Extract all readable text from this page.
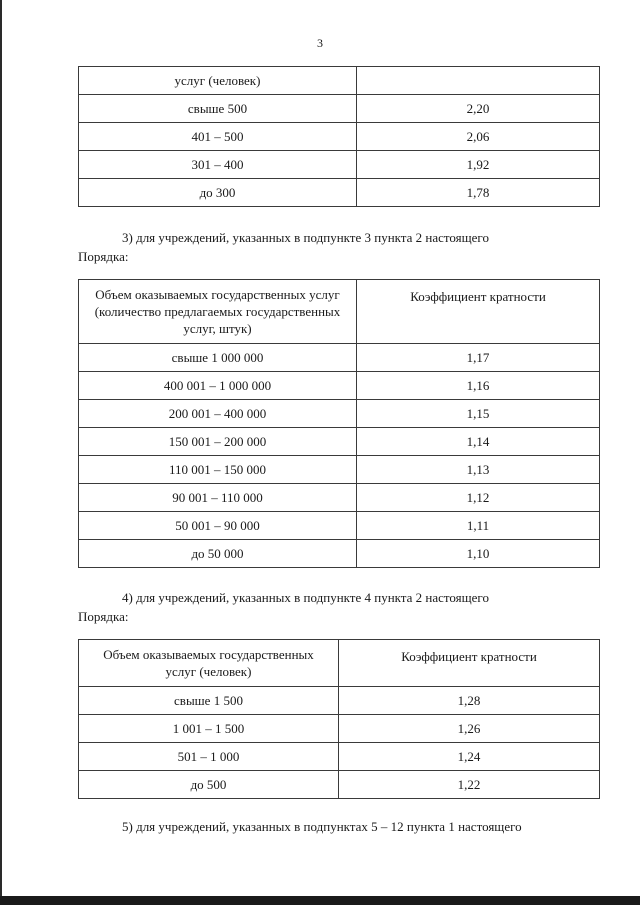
3
услуг (человек)	
свыше 500	2,20
401 – 500	2,06
301 – 400	1,92
до 300	1,78
3) для учреждений, указанных в подпункте 3 пункта 2 настоящего
Порядка:
Объем оказываемых государственных услуг (количество предлагаемых государственных услуг, штук)	Коэффициент кратности
свыше 1 000 000	1,17
400 001 – 1 000 000	1,16
200 001 – 400 000	1,15
150 001 – 200 000	1,14
110 001 – 150 000	1,13
90 001 – 110 000	1,12
50 001 – 90 000	1,11
до 50 000	1,10
4) для учреждений, указанных в подпункте 4 пункта 2 настоящего
Порядка:
Объем оказываемых государственных услуг (человек)	Коэффициент кратности
свыше 1 500	1,28
1 001 – 1 500	1,26
501 – 1 000	1,24
до 500	1,22
5) для учреждений, указанных в подпунктах 5 – 12 пункта 1 настоящего
